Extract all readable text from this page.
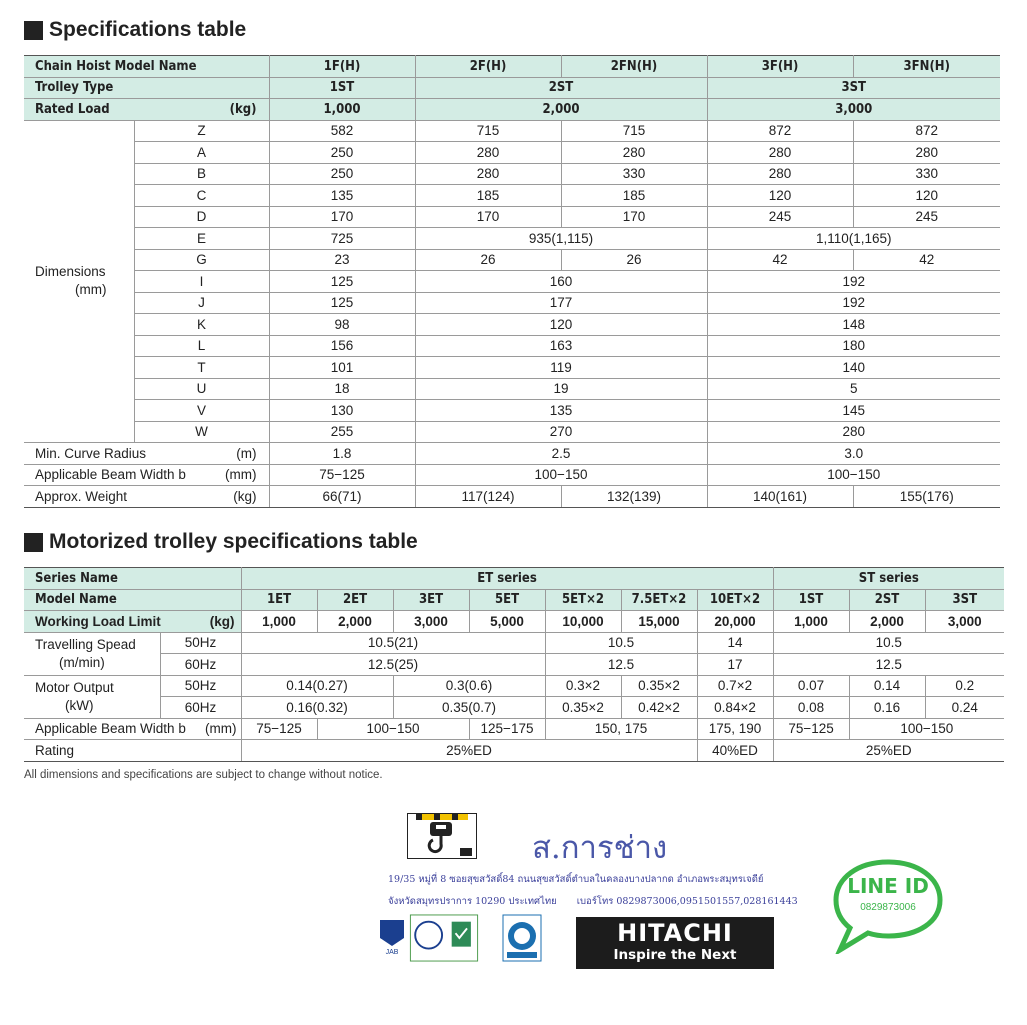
Specifications table
Chain Hoist Model Name		1F(H)	2F(H)	2FN(H)	3F(H)	3FN(H)
Trolley Type		1ST	2ST		3ST	

Rated Load (kg)		1,000	2,000		3,000	

Dimensions
(mm)	Z	582	715	715	872	872
	A	250	280	280	280	280
	B	250	280	330	280	330
	C	135	185	185	120	120
	D	170	170	170	245	245
	E	725	935(1,115)		1,110(1,165)	
	G	23	26	26	42	42
	I	125	160		192	
	J	125	177		192	
	K	98	120		148	
	L	156	163		180	
	T	101	119		140	
	U	18	19		5	
	V	130	135		145	
	W	255	270		280	

Min. Curve Radius (m)		1.8	2.5		3.0	

Applicable Beam Width b (mm)		75−125	100−150		100−150	

Approx. Weight (kg)		66(71)	117(124)	132(139)	140(161)	155(176)
Motorized trolley specifications table
Series Name		ET series							ST series		
Model Name		1ET	2ET	3ET	5ET	5ET×2	7.5ET×2	10ET×2	1ST	2ST	3ST

Working Load Limit (kg)		1,000	2,000	3,000	5,000	10,000	15,000	20,000	1,000	2,000	3,000

Travelling Spead
(m/min)	50Hz	10.5(21)				10.5		14	10.5		
	60Hz	12.5(25)				12.5		17	12.5		

Motor Output
(kW)	50Hz	0.14(0.27)		0.3(0.6)		0.3×2	0.35×2	0.7×2	0.07	0.14	0.2
	60Hz	0.16(0.32)		0.35(0.7)		0.35×2	0.42×2	0.84×2	0.08	0.16	0.24

Applicable Beam Width b (mm)		75−125	100−150		125−175	150, 175		175, 190	75−125	100−150	
Rating		25%ED						40%ED	25%ED		
All dimensions and specifications are subject to change without notice.
ส.การช่าง
19/35 หมู่ที่ 8 ซอยสุขสวัสดิ์84 ถนนสุขสวัสดิ์ตำบลในคลองบางปลากด อำเภอพระสมุทรเจดีย์
จังหวัดสมุทรปราการ 10290 ประเทศไทย เบอร์โทร 0829873006,0951501557,028161443
JAB
HITACHI
Inspire the Next
LINE ID
0829873006
